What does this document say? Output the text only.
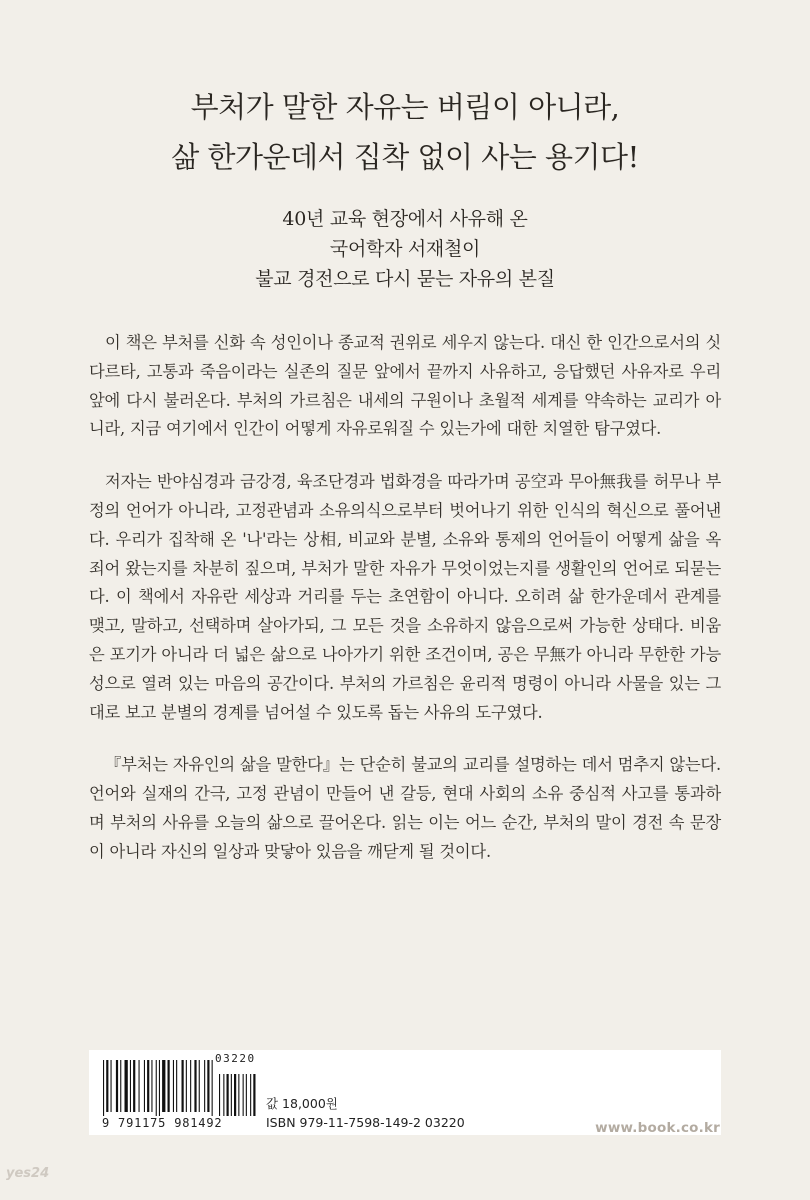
부처가 말한 자유는 버림이 아니라,
삶 한가운데서 집착 없이 사는 용기다!
40년 교육 현장에서 사유해 온
국어학자 서재철이
불교 경전으로 다시 묻는 자유의 본질

이 책은 부처를 신화 속 성인이나 종교적 권위로 세우지 않는다. 대신 한 인간으로서의 싯다르타, 고통과 죽음이라는 실존의 질문 앞에서 끝까지 사유하고, 응답했던 사유자로 우리 앞에 다시 불러온다. 부처의 가르침은 내세의 구원이나 초월적 세계를 약속하는 교리가 아니라, 지금 여기에서 인간이 어떻게 자유로워질 수 있는가에 대한 치열한 탐구였다.

저자는 반야심경과 금강경, 육조단경과 법화경을 따라가며 공空과 무아無我를 허무나 부정의 언어가 아니라, 고정관념과 소유의식으로부터 벗어나기 위한 인식의 혁신으로 풀어낸다. 우리가 집착해 온 '나'라는 상相, 비교와 분별, 소유와 통제의 언어들이 어떻게 삶을 옥죄어 왔는지를 차분히 짚으며, 부처가 말한 자유가 무엇이었는지를 생활인의 언어로 되묻는다. 이 책에서 자유란 세상과 거리를 두는 초연함이 아니다. 오히려 삶 한가운데서 관계를 맺고, 말하고, 선택하며 살아가되, 그 모든 것을 소유하지 않음으로써 가능한 상태다. 비움은 포기가 아니라 더 넓은 삶으로 나아가기 위한 조건이며, 공은 무無가 아니라 무한한 가능성으로 열려 있는 마음의 공간이다. 부처의 가르침은 윤리적 명령이 아니라 사물을 있는 그대로 보고 분별의 경계를 넘어설 수 있도록 돕는 사유의 도구였다.

『부처는 자유인의 삶을 말한다』는 단순히 불교의 교리를 설명하는 데서 멈추지 않는다. 언어와 실재의 간극, 고정 관념이 만들어 낸 갈등, 현대 사회의 소유 중심적 사고를 통과하며 부처의 사유를 오늘의 삶으로 끌어온다. 읽는 이는 어느 순간, 부처의 말이 경전 속 문장이 아니라 자신의 일상과 맞닿아 있음을 깨닫게 될 것이다.

03220
9 791175 981492
값 18,000원
ISBN 979-11-7598-149-2 03220	www.book.co.kr
yes24
